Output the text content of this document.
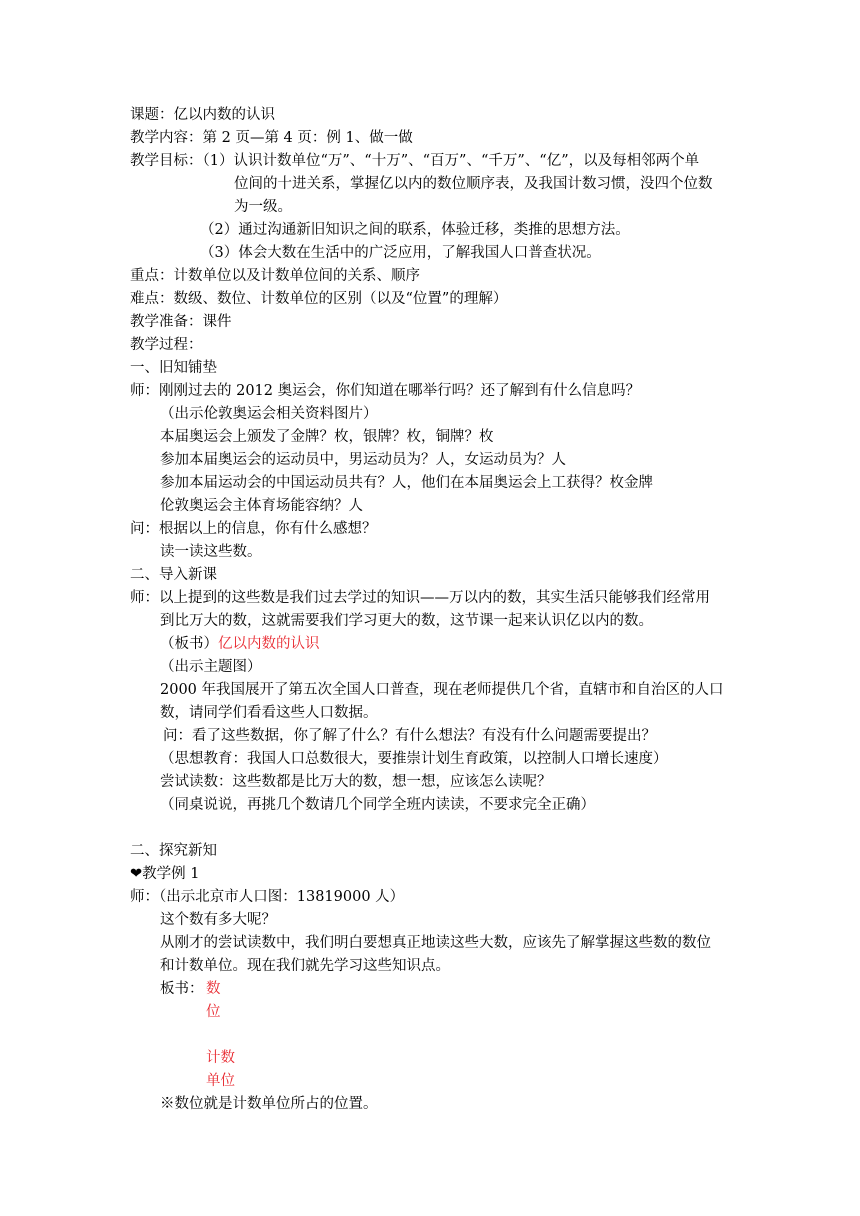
课题：亿以内数的认识
教学内容：第 2 页—第 4 页：例 1、做一做
教学目标：（1）认识计数单位“万”、“十万”、“百万”、“千万”、“亿”，以及每相邻两个单
位间的十进关系，掌握亿以内的数位顺序表，及我国计数习惯，没四个位数
为一级。
（2）通过沟通新旧知识之间的联系，体验迁移，类推的思想方法。
（3）体会大数在生活中的广泛应用，了解我国人口普查状况。
重点：计数单位以及计数单位间的关系、顺序
难点：数级、数位、计数单位的区别（以及“位置”的理解）
教学准备：课件
教学过程：
一、旧知铺垫
师：刚刚过去的 2012 奥运会，你们知道在哪举行吗？还了解到有什么信息吗？
（出示伦敦奥运会相关资料图片）
本届奥运会上颁发了金牌？枚，银牌？枚，铜牌？枚
参加本届奥运会的运动员中，男运动员为？人，女运动员为？人
参加本届运动会的中国运动员共有？人，他们在本届奥运会上工获得？枚金牌
伦敦奥运会主体育场能容纳？人
问：根据以上的信息，你有什么感想？
读一读这些数。
二、导入新课
师：以上提到的这些数是我们过去学过的知识——万以内的数，其实生活只能够我们经常用
到比万大的数，这就需要我们学习更大的数，这节课一起来认识亿以内的数。
（板书）亿以内数的认识
（出示主题图）
2000 年我国展开了第五次全国人口普查，现在老师提供几个省，直辖市和自治区的人口
数，请同学们看看这些人口数据。
问：看了这些数据，你了解了什么？有什么想法？有没有什么问题需要提出？
（思想教育：我国人口总数很大，要推崇计划生育政策，以控制人口增长速度）
尝试读数：这些数都是比万大的数，想一想，应该怎么读呢？
（同桌说说，再挑几个数请几个同学全班内读读，不要求完全正确）
二、探究新知
❤教学例 1
师：（出示北京市人口图：13819000 人）
这个数有多大呢？
从刚才的尝试读数中，我们明白要想真正地读这些大数，应该先了解掌握这些数的数位
和计数单位。现在我们就先学习这些知识点。
板书： 数
位
计数
单位
※数位就是计数单位所占的位置。
